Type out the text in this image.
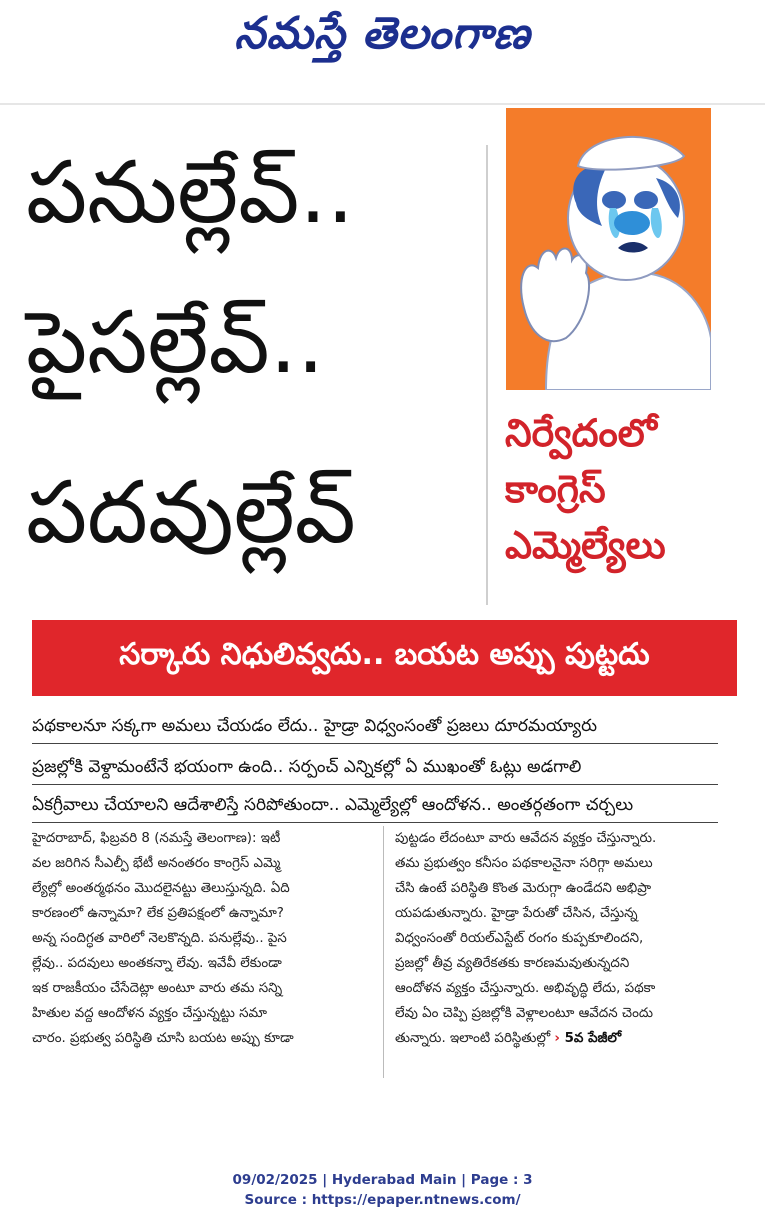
నమస్తే తెలంగాణ
పనుల్లేవ్..
పైసల్లేవ్..
పదవుల్లేవ్
నిర్వేదంలో
కాంగ్రెస్
ఎమ్మెల్యేలు
సర్కారు నిధులివ్వదు.. బయట అప్పు పుట్టదు
పథకాలనూ సక్కగా అమలు చేయడం లేదు.. హైడ్రా విధ్వంసంతో ప్రజలు దూరమయ్యారు
ప్రజల్లోకి వెళ్దామంటేనే భయంగా ఉంది.. సర్పంచ్ ఎన్నికల్లో ఏ ముఖంతో ఓట్లు అడగాలి
ఏకగ్రీవాలు చేయాలని ఆదేశాలిస్తే సరిపోతుందా.. ఎమ్మెల్యేల్లో ఆందోళన.. అంతర్గతంగా చర్చలు
హైదరాబాద్, ఫిబ్రవరి 8 (నమస్తే తెలంగాణ): ఇటీ
వల జరిగిన సీఎల్పీ భేటీ అనంతరం కాంగ్రెస్ ఎమ్మె
ల్యేల్లో అంతర్మథనం మొదలైనట్టు తెలుస్తున్నది. ఏది
కారణంలో ఉన్నామా? లేక ప్రతిపక్షంలో ఉన్నామా?
అన్న సందిగ్ధత వారిలో నెలకొన్నది. పనుల్లేవు.. పైస
ల్లేవు.. పదవులు అంతకన్నా లేవు. ఇవేవీ లేకుండా
ఇక రాజకీయం చేసేదెట్లా అంటూ వారు తమ సన్ని
హితుల వద్ద ఆందోళన వ్యక్తం చేస్తున్నట్టు సమా
చారం. ప్రభుత్వ పరిస్థితి చూసి బయట అప్పు కూడా
పుట్టడం లేదంటూ వారు ఆవేదన వ్యక్తం చేస్తున్నారు.
తమ ప్రభుత్వం కనీసం పథకాలనైనా సరిగ్గా అమలు
చేసి ఉంటే పరిస్థితి కొంత మెరుగ్గా ఉండేదని అభిప్రా
యపడుతున్నారు. హైడ్రా పేరుతో చేసిన, చేస్తున్న
విధ్వంసంతో రియల్ఎస్టేట్ రంగం కుప్పకూలిందని,
ప్రజల్లో తీవ్ర వ్యతిరేకతకు కారణమవుతున్నదని
ఆందోళన వ్యక్తం చేస్తున్నారు. అభివృద్ధి లేదు, పథకా
లేవు ఏం చెప్పి ప్రజల్లోకి వెళ్లాలంటూ ఆవేదన చెందు
తున్నారు. ఇలాంటి పరిస్థితుల్లో › 5వ పేజీలో
09/02/2025 | Hyderabad Main | Page : 3
Source : https://epaper.ntnews.com/
